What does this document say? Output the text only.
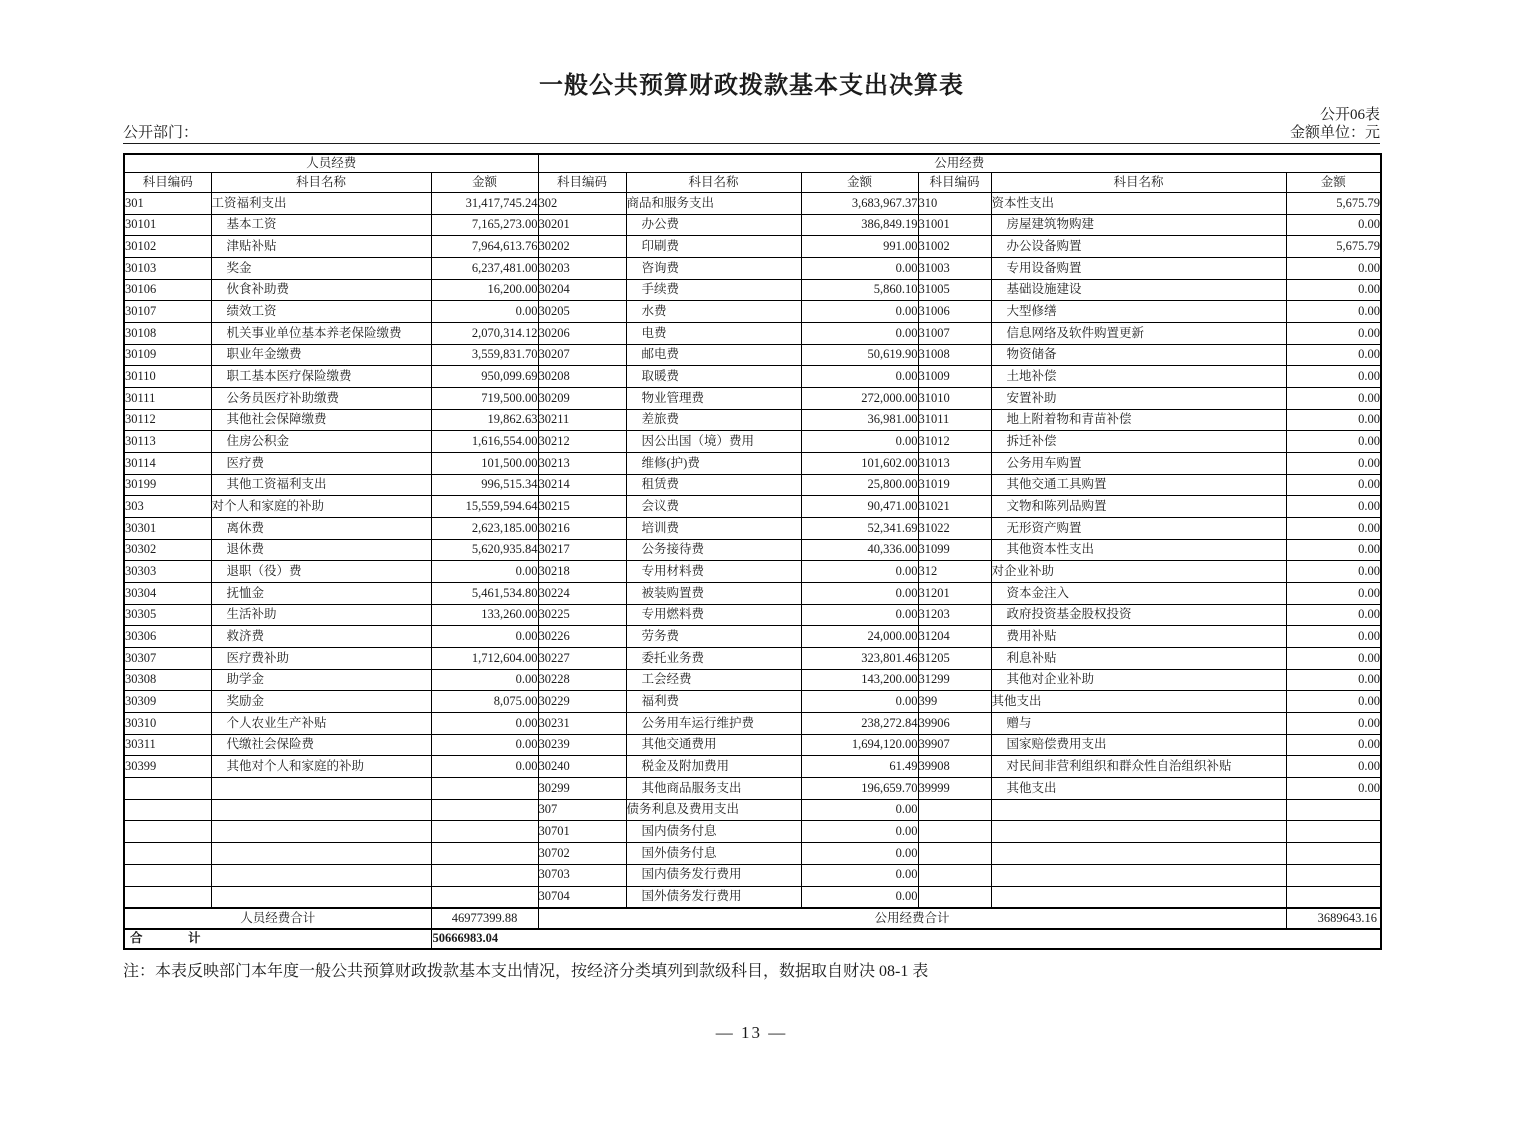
一般公共预算财政拨款基本支出决算表
公开06表
公开部门：	金额单位：元
人员经费			公用经费					
科目编码	科目名称	金额	科目编码	科目名称	金额	科目编码	科目名称	金额
301	工资福利支出	31,417,745.24	302	商品和服务支出	3,683,967.37	310	资本性支出	5,675.79
30101	基本工资	7,165,273.00	30201	办公费	386,849.19	31001	房屋建筑物购建	0.00
30102	津贴补贴	7,964,613.76	30202	印刷费	991.00	31002	办公设备购置	5,675.79
30103	奖金	6,237,481.00	30203	咨询费	0.00	31003	专用设备购置	0.00
30106	伙食补助费	16,200.00	30204	手续费	5,860.10	31005	基础设施建设	0.00
30107	绩效工资	0.00	30205	水费	0.00	31006	大型修缮	0.00
30108	机关事业单位基本养老保险缴费	2,070,314.12	30206	电费	0.00	31007	信息网络及软件购置更新	0.00
30109	职业年金缴费	3,559,831.70	30207	邮电费	50,619.90	31008	物资储备	0.00
30110	职工基本医疗保险缴费	950,099.69	30208	取暖费	0.00	31009	土地补偿	0.00
30111	公务员医疗补助缴费	719,500.00	30209	物业管理费	272,000.00	31010	安置补助	0.00
30112	其他社会保障缴费	19,862.63	30211	差旅费	36,981.00	31011	地上附着物和青苗补偿	0.00
30113	住房公积金	1,616,554.00	30212	因公出国（境）费用	0.00	31012	拆迁补偿	0.00
30114	医疗费	101,500.00	30213	维修(护)费	101,602.00	31013	公务用车购置	0.00
30199	其他工资福利支出	996,515.34	30214	租赁费	25,800.00	31019	其他交通工具购置	0.00
303	对个人和家庭的补助	15,559,594.64	30215	会议费	90,471.00	31021	文物和陈列品购置	0.00
30301	离休费	2,623,185.00	30216	培训费	52,341.69	31022	无形资产购置	0.00
30302	退休费	5,620,935.84	30217	公务接待费	40,336.00	31099	其他资本性支出	0.00
30303	退职（役）费	0.00	30218	专用材料费	0.00	312	对企业补助	0.00
30304	抚恤金	5,461,534.80	30224	被装购置费	0.00	31201	资本金注入	0.00
30305	生活补助	133,260.00	30225	专用燃料费	0.00	31203	政府投资基金股权投资	0.00
30306	救济费	0.00	30226	劳务费	24,000.00	31204	费用补贴	0.00
30307	医疗费补助	1,712,604.00	30227	委托业务费	323,801.46	31205	利息补贴	0.00
30308	助学金	0.00	30228	工会经费	143,200.00	31299	其他对企业补助	0.00
30309	奖励金	8,075.00	30229	福利费	0.00	399	其他支出	0.00
30310	个人农业生产补贴	0.00	30231	公务用车运行维护费	238,272.84	39906	赠与	0.00
30311	代缴社会保险费	0.00	30239	其他交通费用	1,694,120.00	39907	国家赔偿费用支出	0.00
30399	其他对个人和家庭的补助	0.00	30240	税金及附加费用	61.49	39908	对民间非营利组织和群众性自治组织补贴	0.00
			30299	其他商品服务支出	196,659.70	39999	其他支出	0.00
			307	债务利息及费用支出	0.00			
			30701	国内债务付息	0.00			
			30702	国外债务付息	0.00			
			30703	国内债务发行费用	0.00			
			30704	国外债务发行费用	0.00			
人员经费合计		46977399.88	公用经费合计					3689643.16
合　　　计		50666983.04						
注：本表反映部门本年度一般公共预算财政拨款基本支出情况，按经济分类填列到款级科目，数据取自财决 08-1 表
— 13 —
